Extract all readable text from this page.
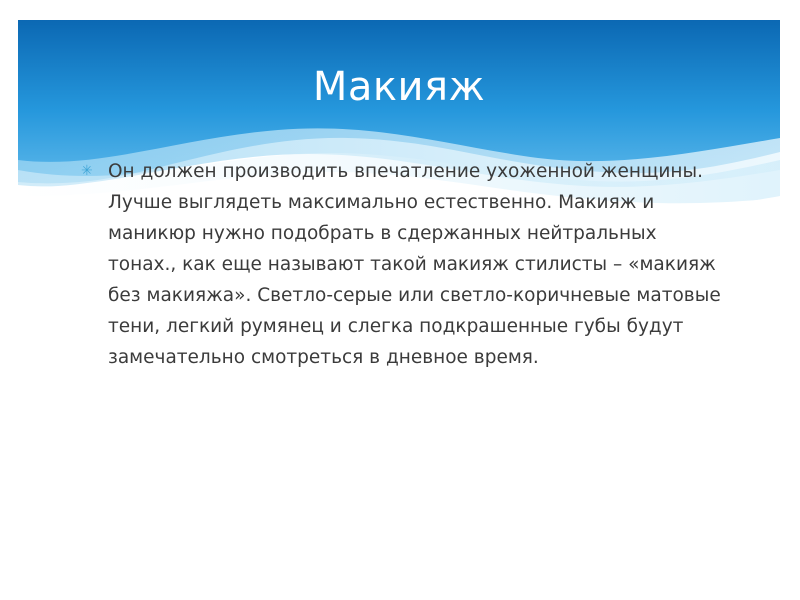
Макияж
✳ Он должен производить впечатление ухоженной женщины. Лучше выглядеть максимально естественно. Макияж и маникюр нужно подобрать в сдержанных нейтральных тонах., как еще называют такой макияж стилисты – «макияж без макияжа». Светло-серые или светло-коричневые матовые тени, легкий румянец и слегка подкрашенные губы будут замечательно смотреться в дневное время.
